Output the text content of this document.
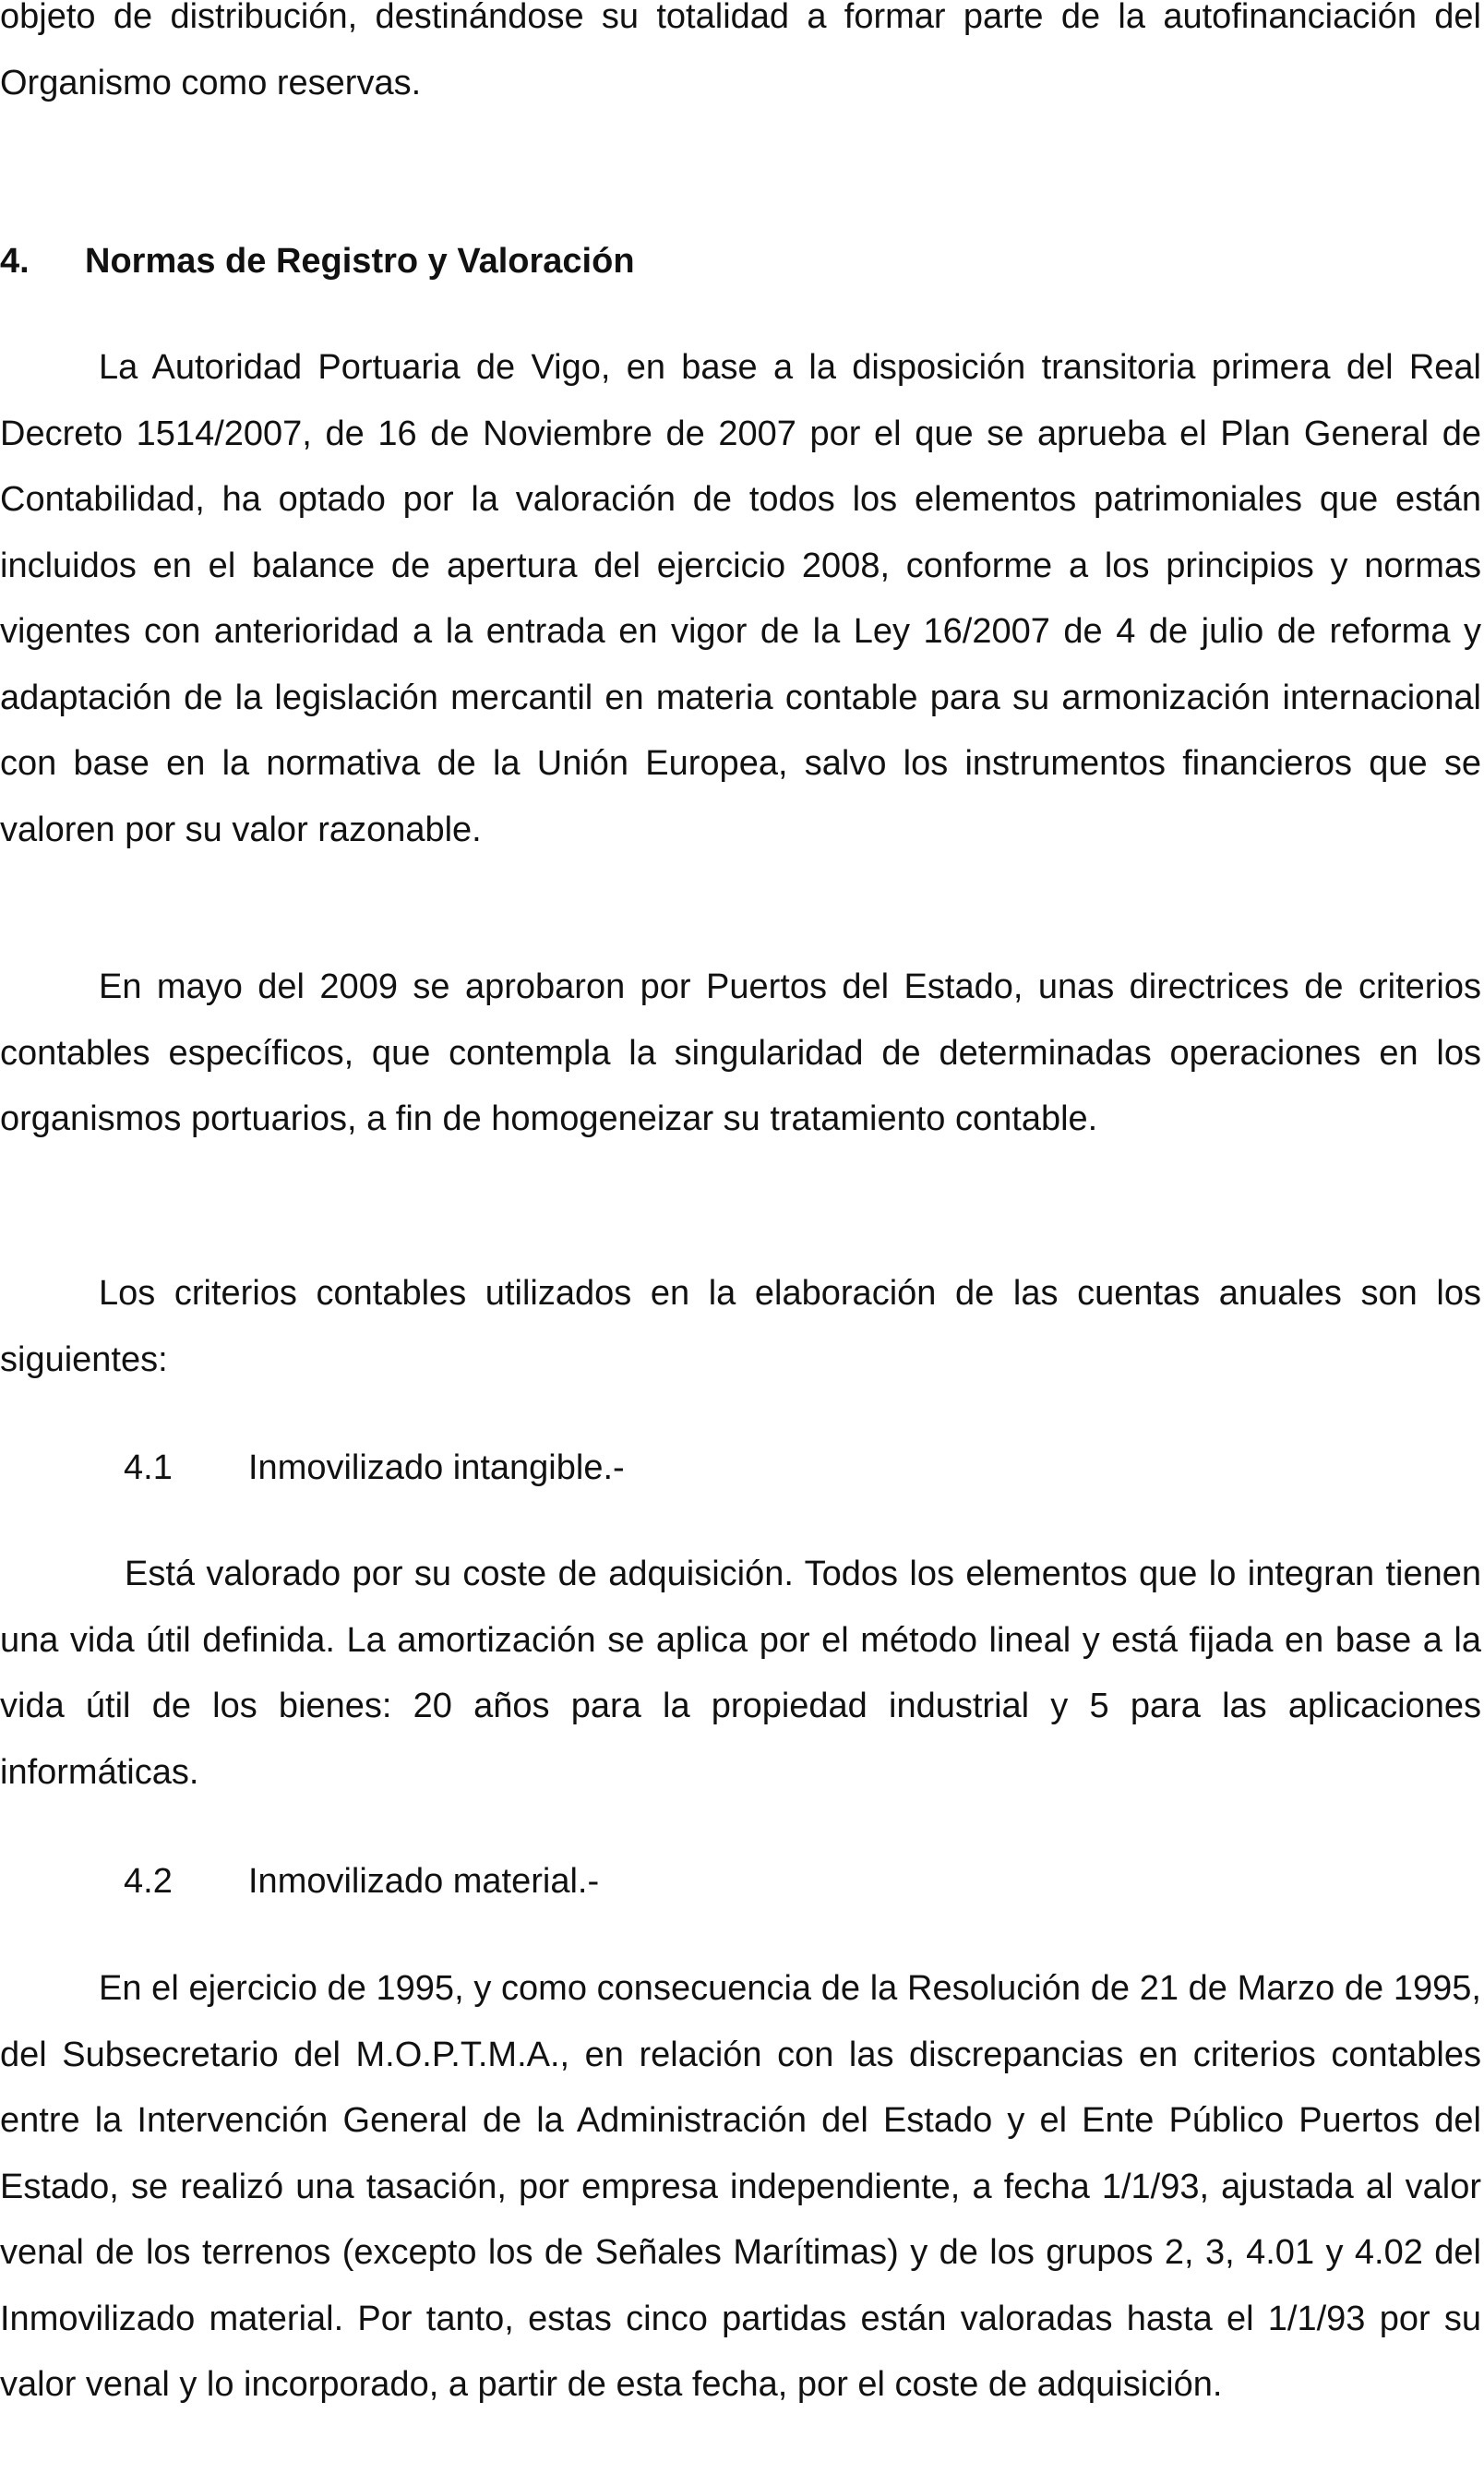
objeto de distribución, destinándose su totalidad a formar parte de la autofinanciación del Organismo como reservas.

4. Normas de Registro y Valoración

La Autoridad Portuaria de Vigo, en base a la disposición transitoria primera del Real Decreto 1514/2007, de 16 de Noviembre de 2007 por el que se aprueba el Plan General de Contabilidad, ha optado por la valoración de todos los elementos patrimoniales que están incluidos en el balance de apertura del ejercicio 2008, conforme a los principios y normas vigentes con anterioridad a la entrada en vigor de la Ley 16/2007 de 4 de julio de reforma y adaptación de la legislación mercantil en materia contable para su armonización internacional con base en la normativa de la Unión Europea, salvo los instrumentos financieros que se valoren por su valor razonable.

En mayo del 2009 se aprobaron por Puertos del Estado, unas directrices de criterios contables específicos, que contempla la singularidad de determinadas operaciones en los organismos portuarios, a fin de homogeneizar su tratamiento contable.

Los criterios contables utilizados en la elaboración de las cuentas anuales son los siguientes:

4.1 Inmovilizado intangible.-

Está valorado por su coste de adquisición. Todos los elementos que lo integran tienen una vida útil definida. La amortización se aplica por el método lineal y está fijada en base a la vida útil de los bienes: 20 años para la propiedad industrial y 5 para las aplicaciones informáticas.

4.2 Inmovilizado material.-

En el ejercicio de 1995, y como consecuencia de la Resolución de 21 de Marzo de 1995, del Subsecretario del M.O.P.T.M.A., en relación con las discrepancias en criterios contables entre la Intervención General de la Administración del Estado y el Ente Público Puertos del Estado, se realizó una tasación, por empresa independiente, a fecha 1/1/93, ajustada al valor venal de los terrenos (excepto los de Señales Marítimas) y de los grupos 2, 3, 4.01 y 4.02 del Inmovilizado material. Por tanto, estas cinco partidas están valoradas hasta el 1/1/93 por su valor venal y lo incorporado, a partir de esta fecha, por el coste de adquisición.
